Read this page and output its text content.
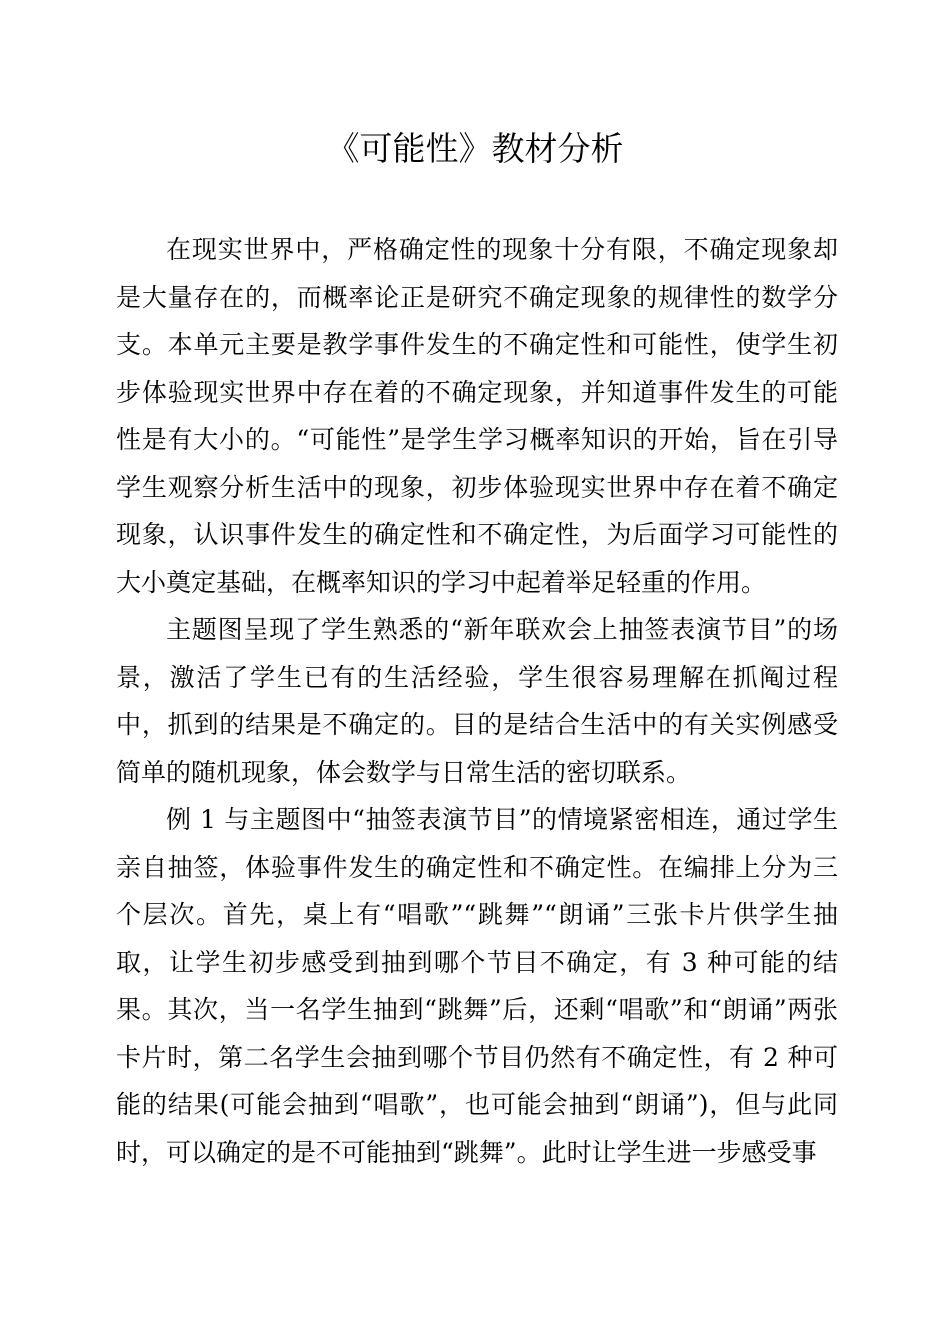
《可能性》教材分析

在现实世界中，严格确定性的现象十分有限，不确定现象却是大量存在的，而概率论正是研究不确定现象的规律性的数学分支。本单元主要是教学事件发生的不确定性和可能性，使学生初步体验现实世界中存在着的不确定现象，并知道事件发生的可能性是有大小的。“可能性”是学生学习概率知识的开始，旨在引导学生观察分析生活中的现象，初步体验现实世界中存在着不确定现象，认识事件发生的确定性和不确定性，为后面学习可能性的大小奠定基础，在概率知识的学习中起着举足轻重的作用。

主题图呈现了学生熟悉的“新年联欢会上抽签表演节目”的场景，激活了学生已有的生活经验，学生很容易理解在抓阄过程中，抓到的结果是不确定的。目的是结合生活中的有关实例感受简单的随机现象，体会数学与日常生活的密切联系。

例 1 与主题图中“抽签表演节目”的情境紧密相连，通过学生亲自抽签，体验事件发生的确定性和不确定性。在编排上分为三个层次。首先，桌上有“唱歌”“跳舞”“朗诵”三张卡片供学生抽取，让学生初步感受到抽到哪个节目不确定，有 3 种可能的结果。其次，当一名学生抽到“跳舞”后，还剩“唱歌”和“朗诵”两张卡片时，第二名学生会抽到哪个节目仍然有不确定性，有 2 种可能的结果(可能会抽到“唱歌”，也可能会抽到“朗诵”)，但与此同时，可以确定的是不可能抽到“跳舞”。此时让学生进一步感受事
